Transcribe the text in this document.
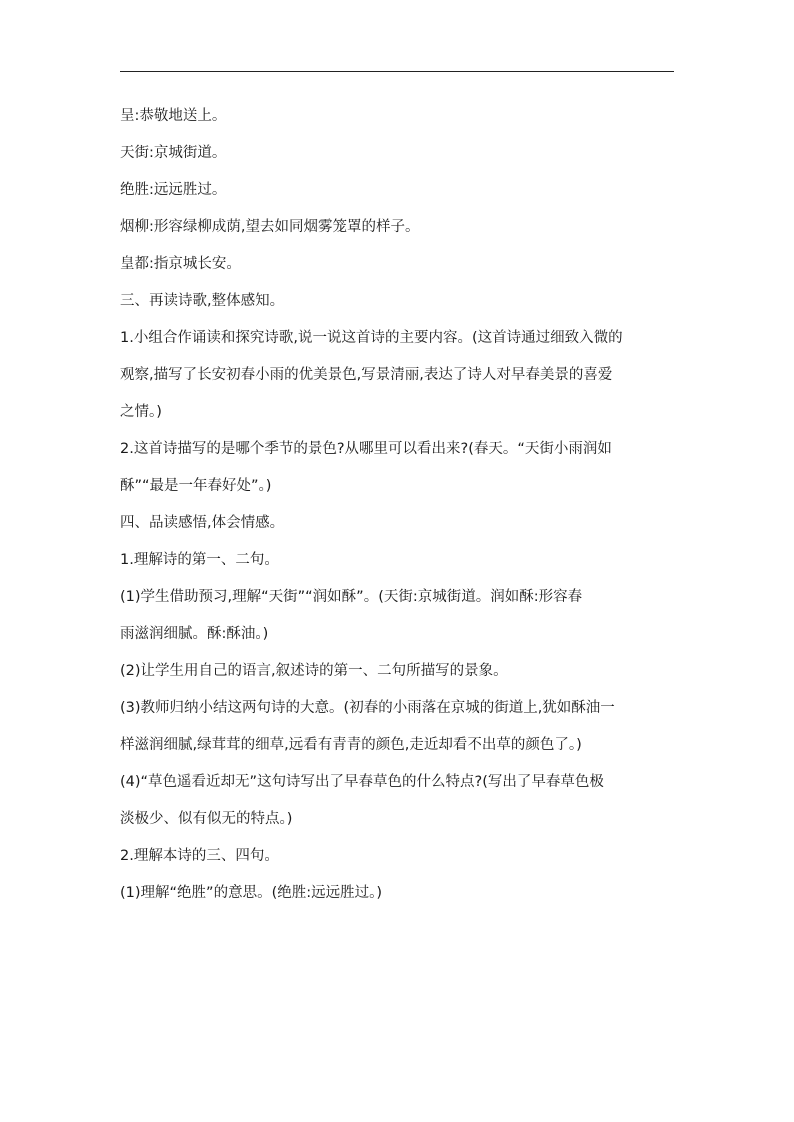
呈:恭敬地送上。
天街:京城街道。
绝胜:远远胜过。
烟柳:形容绿柳成荫,望去如同烟雾笼罩的样子。
皇都:指京城长安。
三、再读诗歌,整体感知。
1.小组合作诵读和探究诗歌,说一说这首诗的主要内容。(这首诗通过细致入微的
观察,描写了长安初春小雨的优美景色,写景清丽,表达了诗人对早春美景的喜爱
之情。)
2.这首诗描写的是哪个季节的景色?从哪里可以看出来?(春天。“天街小雨润如
酥”“最是一年春好处”。)
四、品读感悟,体会情感。
1.理解诗的第一、二句。
(1)学生借助预习,理解“天街”“润如酥”。(天街:京城街道。润如酥:形容春
雨滋润细腻。酥:酥油。)
(2)让学生用自己的语言,叙述诗的第一、二句所描写的景象。
(3)教师归纳小结这两句诗的大意。(初春的小雨落在京城的街道上,犹如酥油一
样滋润细腻,绿茸茸的细草,远看有青青的颜色,走近却看不出草的颜色了。)
(4)“草色遥看近却无”这句诗写出了早春草色的什么特点?(写出了早春草色极
淡极少、似有似无的特点。)
2.理解本诗的三、四句。
(1)理解“绝胜”的意思。(绝胜:远远胜过。)
